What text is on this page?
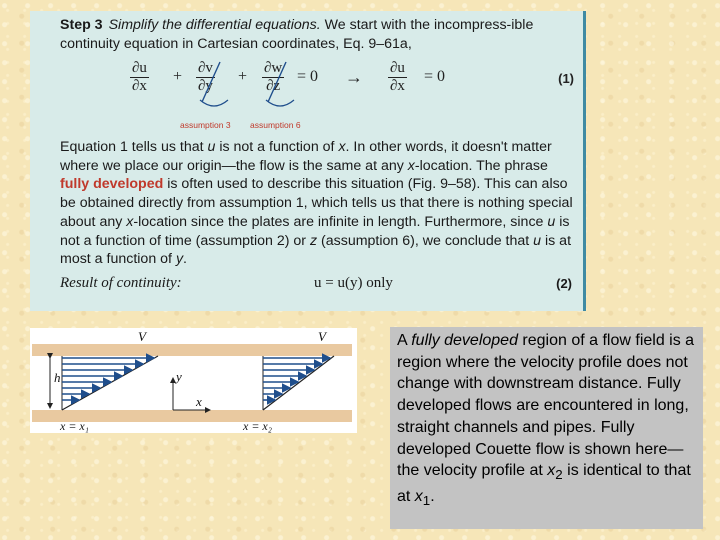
Step 3 Simplify the differential equations. We start with the incompress-ible continuity equation in Cartesian coordinates, Eq. 9–61a,
$\frac{\partial u}{\partial x} + \frac{\partial v}{\partial y}$
assumption 3
+ $\frac{\partial w}{\partial z}$
assumption 6
= $0 \to \frac{\partial u}{\partial x} = 0$	(1)
Equation 1 tells us that u is not a function of x. In other words, it doesn't matter where we place our origin—the flow is the same at any x-location. The phrase fully developed is often used to describe this situation (Fig. 9–58). This can also be obtained directly from assumption 1, which tells us that there is nothing special about any x-location since the plates are infinite in length. Furthermore, since u is not a function of time (assumption 2) or z (assumption 6), we conclude that u is at most a function of y.
Result of continuity:	u = u(y) only	(2)
h
V
y
x
V
x = x₁	x = x₂
A fully developed region of a flow field is a region where the velocity profile does not change with downstream distance. Fully developed flows are encountered in long, straight channels and pipes. Fully developed Couette flow is shown here—the velocity profile at $x_2$ is identical to that at $x_1$.
